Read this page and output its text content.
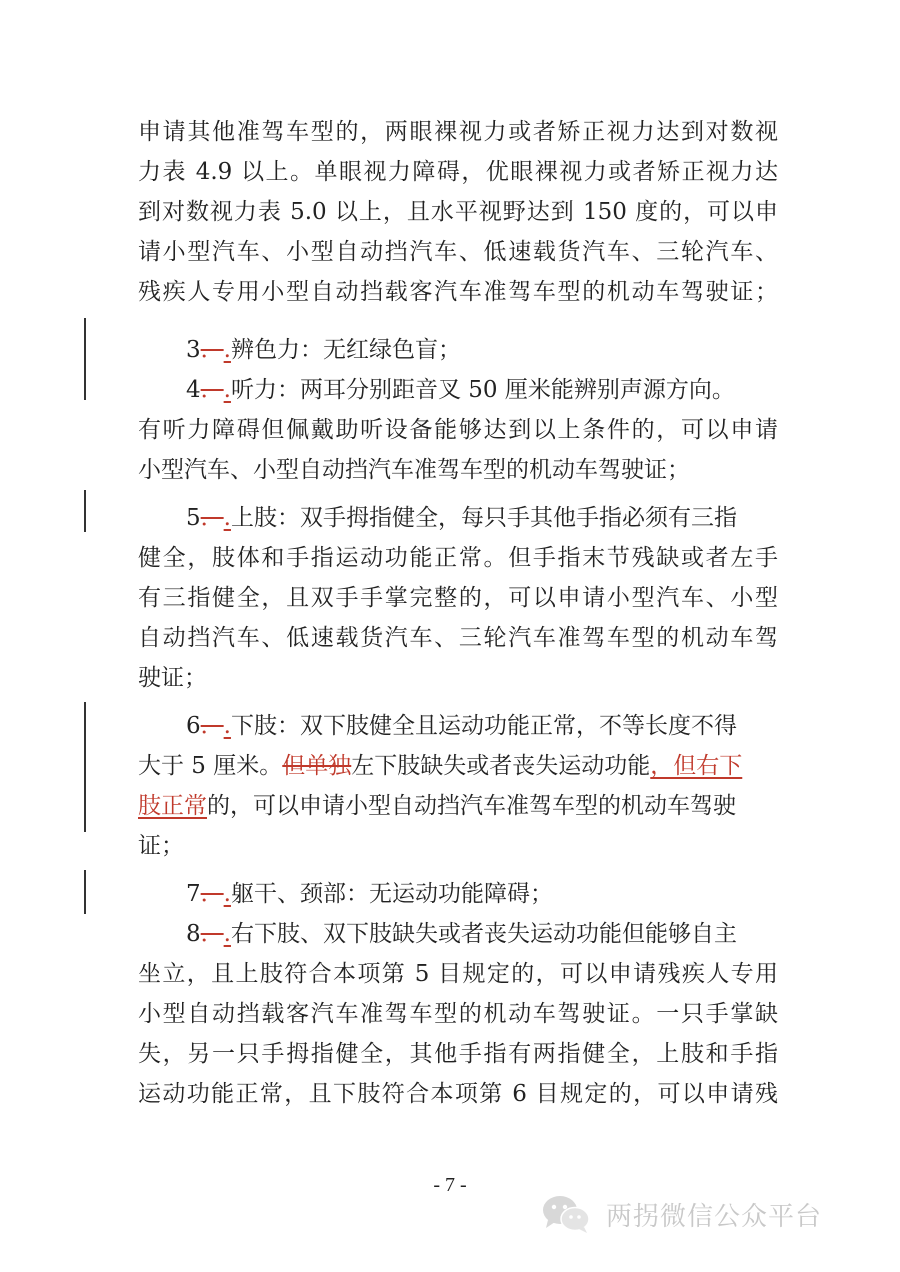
申请其他准驾车型的，两眼裸视力或者矫正视力达到对数视
力表 4.9 以上。单眼视力障碍，优眼裸视力或者矫正视力达
到对数视力表 5.0 以上，且水平视野达到 150 度的，可以申
请小型汽车、小型自动挡汽车、低速载货汽车、三轮汽车、
残疾人专用小型自动挡载客汽车准驾车型的机动车驾驶证；
3．.辨色力：无红绿色盲；
4．.听力：两耳分别距音叉 50 厘米能辨别声源方向。
有听力障碍但佩戴助听设备能够达到以上条件的，可以申请
小型汽车、小型自动挡汽车准驾车型的机动车驾驶证；
5．.上肢：双手拇指健全，每只手其他手指必须有三指
健全，肢体和手指运动功能正常。但手指末节残缺或者左手
有三指健全，且双手手掌完整的，可以申请小型汽车、小型
自动挡汽车、低速载货汽车、三轮汽车准驾车型的机动车驾
驶证；
6．.下肢：双下肢健全且运动功能正常，不等长度不得
大于 5 厘米。但单独左下肢缺失或者丧失运动功能，但右下
肢正常的，可以申请小型自动挡汽车准驾车型的机动车驾驶
证；
7．.躯干、颈部：无运动功能障碍；
8．.右下肢、双下肢缺失或者丧失运动功能但能够自主
坐立，且上肢符合本项第 5 目规定的，可以申请残疾人专用
小型自动挡载客汽车准驾车型的机动车驾驶证。一只手掌缺
失，另一只手拇指健全，其他手指有两指健全，上肢和手指
运动功能正常，且下肢符合本项第 6 目规定的，可以申请残
- 7 -
两拐微信公众平台
